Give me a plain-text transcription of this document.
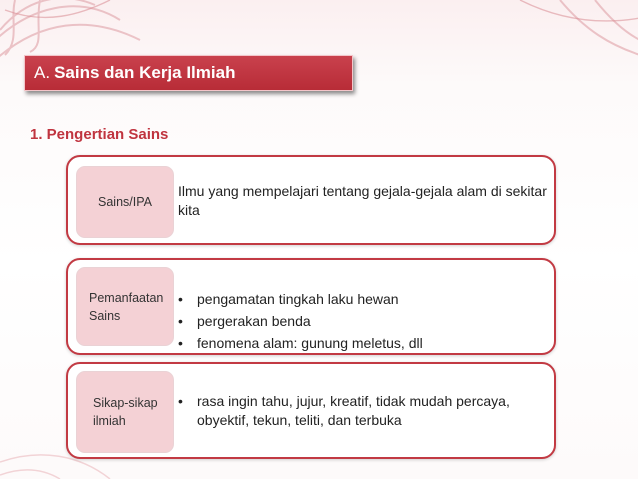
A. Sains dan Kerja Ilmiah
1. Pengertian Sains
Sains/IPA
Pemanfaatan Sains
Sikap-sikap ilmiah
Ilmu yang mempelajari tentang gejala-gejala alam di sekitar kita
• pengamatan tingkah laku hewan
• pergerakan benda
• fenomena alam: gunung meletus, dll
• rasa ingin tahu, jujur, kreatif, tidak mudah percaya, obyektif, tekun, teliti, dan terbuka
